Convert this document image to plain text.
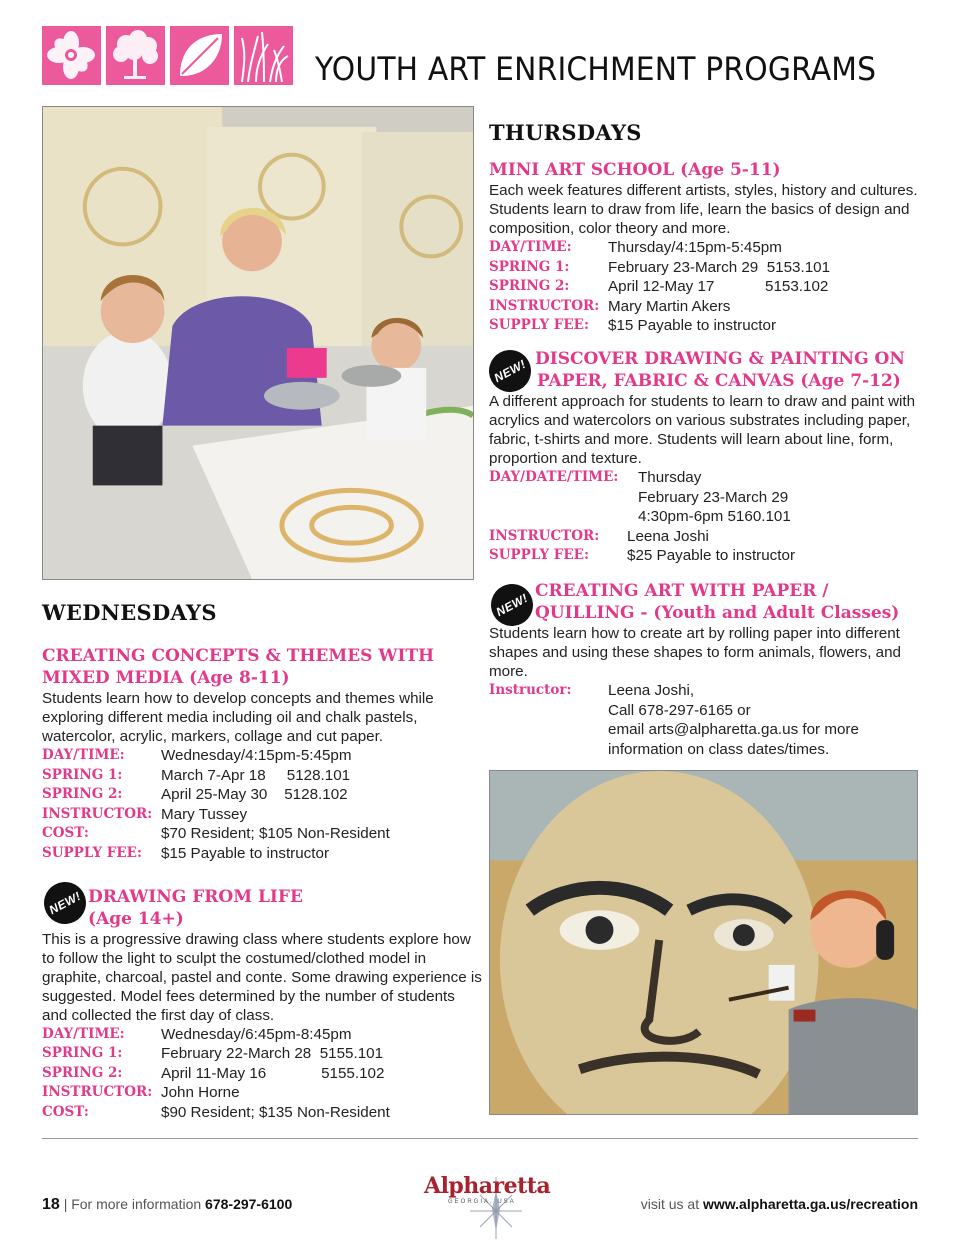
YOUTH ART ENRICHMENT PROGRAMS
WEDNESDAYS
CREATING CONCEPTS & THEMES WITH MIXED MEDIA (Age 8-11)

Students learn how to develop concepts and themes while exploring different media including oil and chalk pastels, watercolor, acrylic, markers, collage and cut paper.

DAY/TIME:	Wednesday/4:15pm-5:45pm
SPRING 1:	March 7-Apr 18     5128.101
SPRING 2:	April 25-May 30    5128.102
INSTRUCTOR: Mary Tussey
COST:	$70 Resident; $105 Non-Resident
SUPPLY FEE:	$15 Payable to instructor
NEW! DRAWING FROM LIFE
(Age 14+)

This is a progressive drawing class where students explore how to follow the light to sculpt the costumed/clothed model in graphite, charcoal, pastel and conte. Some drawing experience is suggested. Model fees determined by the number of students and collected the first day of class.

DAY/TIME:	Wednesday/6:45pm-8:45pm
SPRING 1:	February 22-March 28  5155.101
SPRING 2:	April 11-May 16             5155.102
INSTRUCTOR: John Horne
COST:	$90 Resident; $135 Non-Resident
THURSDAYS
MINI ART SCHOOL (Age 5-11)

Each week features different artists, styles, history and cultures. Students learn to draw from life, learn the basics of design and composition, color theory and more.

DAY/TIME:	Thursday/4:15pm-5:45pm
SPRING 1:	February 23-March 29  5153.101
SPRING 2:	April 12-May 17            5153.102
INSTRUCTOR: Mary Martin Akers
SUPPLY FEE:	$15 Payable to instructor
NEW! DISCOVER DRAWING & PAINTING ON
PAPER, FABRIC & CANVAS (Age 7-12)

A different approach for students to learn to draw and paint with acrylics and watercolors on various substrates including paper, fabric, t-shirts and more. Students will learn about line, form, proportion and texture.

DAY/DATE/TIME:	Thursday
February 23-March 29
4:30pm-6pm 5160.101
INSTRUCTOR:	Leena Joshi
SUPPLY FEE:	$25 Payable to instructor
NEW! CREATING ART WITH PAPER /
QUILLING - (Youth and Adult Classes)

Students learn how to create art by rolling paper into different shapes and using these shapes to form animals, flowers, and more.

Instructor:	Leena Joshi,
Call 678-297-6165 or
email arts@alpharetta.ga.us for more
information on class dates/times.
18 | For more information 678-297-6100
Alpharetta
GEORGIA, USA	visit us at www.alpharetta.ga.us/recreation
